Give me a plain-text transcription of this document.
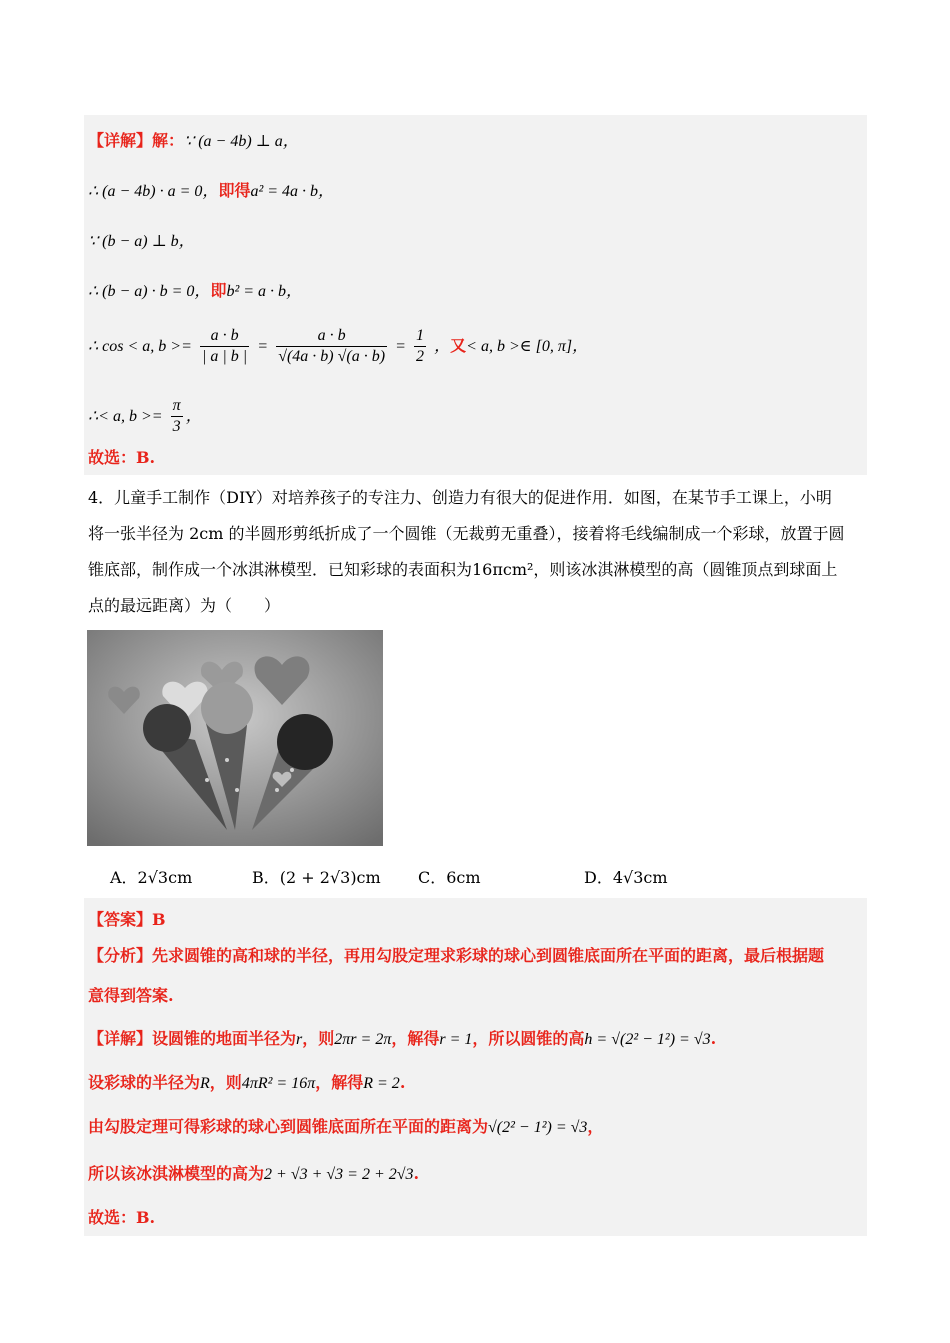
【详解】解：∵ (a − 4b) ⊥ a，
∴ (a − 4b) · a = 0，即得a² = 4a · b，
∵ (b − a) ⊥ b，
∴ (b − a) · b = 0，即b² = a · b，
∴ cos < a, $b >= \frac{a \cdot b}{| a | b |} = \frac{a \cdot b}{√(4a \cdot b) √(a \cdot b)} = \frac{1}{2}$ ，又< a, b >∈ [0, π]，
∴< a, $b >= \frac{\pi}{3}$ ，
故选：B.
4．儿童手工制作（DIY）对培养孩子的专注力、创造力有很大的促进作用．如图，在某节手工课上，小明
将一张半径为 2cm 的半圆形剪纸折成了一个圆锥（无裁剪无重叠），接着将毛线编制成一个彩球，放置于圆
锥底部，制作成一个冰淇淋模型．已知彩球的表面积为16πcm²，则该冰淇淋模型的高（圆锥顶点到球面上
点的最远距离）为（　　）
A．2√3cm	B．(2 + 2√3)cm C．6cm	D．4√3cm
【答案】B
【分析】先求圆锥的高和球的半径，再用勾股定理求彩球的球心到圆锥底面所在平面的距离，最后根据题
意得到答案.
【详解】设圆锥的地面半径为r，则2πr = 2π，解得r = 1，所以圆锥的高h = √(2² − 1²) = √3.
设彩球的半径为R，则4πR² = 16π，解得R = 2.
由勾股定理可得彩球的球心到圆锥底面所在平面的距离为√(2² − 1²) = √3，
所以该冰淇淋模型的高为2 + √3 + √3 = 2 + 2√3.
故选：B.
